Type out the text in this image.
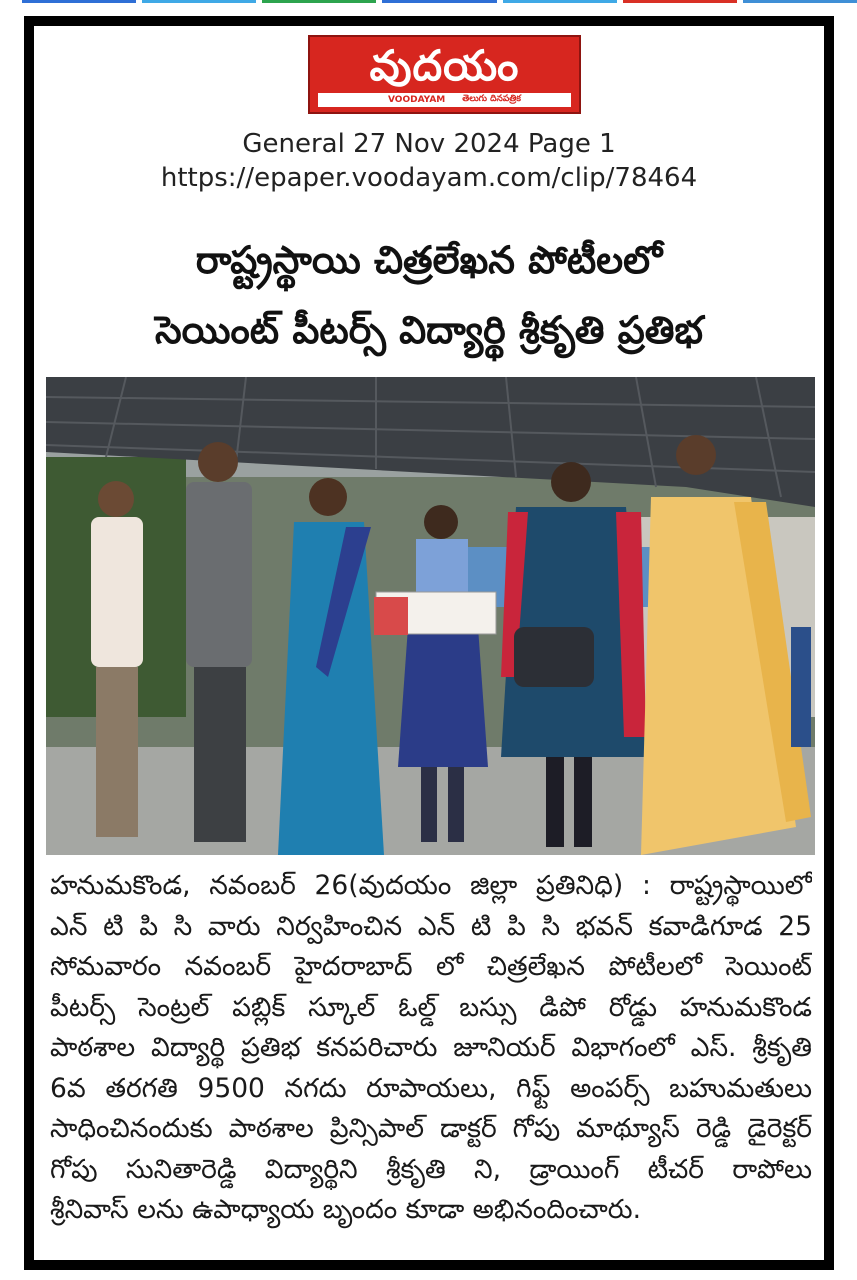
వుదయం
VOODAYAM తెలుగు దినపత్రిక
General 27 Nov 2024 Page 1
https://epaper.voodayam.com/clip/78464
రాష్ట్రస్థాయి చిత్రలేఖన పోటీలలో
సెయింట్ పీటర్స్ విద్యార్థి శ్రీకృతి ప్రతిభ
హనుమకొండ, నవంబర్ 26(వుదయం జిల్లా ప్రతినిధి) : రాష్ట్రస్థాయిలో
ఎన్ టి పి సి వారు నిర్వహించిన ఎన్ టి పి సి భవన్ కవాడిగూడ 25
సోమవారం నవంబర్ హైదరాబాద్ లో చిత్రలేఖన పోటీలలో సెయింట్
పీటర్స్ సెంట్రల్ పబ్లిక్ స్కూల్ ఓల్డ్ బస్సు డిపో రోడ్డు హనుమకొండ
పాఠశాల విద్యార్థి ప్రతిభ కనపరిచారు జూనియర్ విభాగంలో ఎస్. శ్రీకృతి
6వ తరగతి 9500 నగదు రూపాయలు, గిఫ్ట్ అంపర్స్ బహుమతులు
సాధించినందుకు పాఠశాల ప్రిన్సిపాల్ డాక్టర్ గోపు మాథ్యూస్ రెడ్డి డైరెక్టర్
గోపు సునితారెడ్డి విద్యార్థిని శ్రీకృతి ని, డ్రాయింగ్ టీచర్ రాపోలు
శ్రీనివాస్ లను ఉపాధ్యాయ బృందం కూడా అభినందించారు.
